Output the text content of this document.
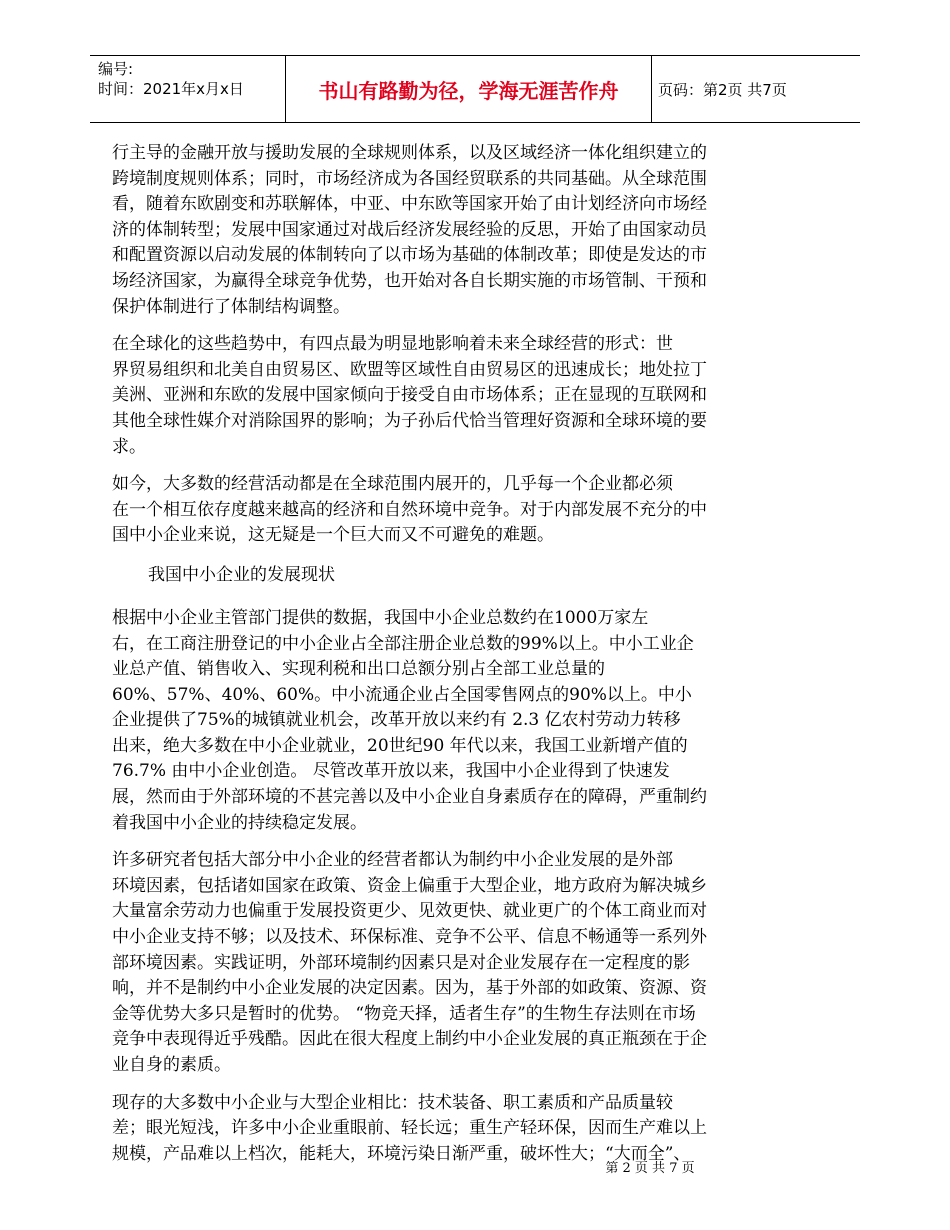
编号:
时间：2021年x月x日	书山有路勤为径，学海无涯苦作舟	页码：第2页 共7页

行主导的金融开放与援助发展的全球规则体系，以及区域经济一体化组织建立的
跨境制度规则体系；同时，市场经济成为各国经贸联系的共同基础。从全球范围
看，随着东欧剧变和苏联解体，中亚、中东欧等国家开始了由计划经济向市场经
济的体制转型；发展中国家通过对战后经济发展经验的反思，开始了由国家动员
和配置资源以启动发展的体制转向了以市场为基础的体制改革；即使是发达的市
场经济国家，为赢得全球竞争优势，也开始对各自长期实施的市场管制、干预和
保护体制进行了体制结构调整。

在全球化的这些趋势中，有四点最为明显地影响着未来全球经营的形式：世
界贸易组织和北美自由贸易区、欧盟等区域性自由贸易区的迅速成长；地处拉丁
美洲、亚洲和东欧的发展中国家倾向于接受自由市场体系；正在显现的互联网和
其他全球性媒介对消除国界的影响；为子孙后代恰当管理好资源和全球环境的要
求。

如今，大多数的经营活动都是在全球范围内展开的，几乎每一个企业都必须
在一个相互依存度越来越高的经济和自然环境中竞争。对于内部发展不充分的中
国中小企业来说，这无疑是一个巨大而又不可避免的难题。

我国中小企业的发展现状

根据中小企业主管部门提供的数据，我国中小企业总数约在1000万家左
右，在工商注册登记的中小企业占全部注册企业总数的99%以上。中小工业企
业总产值、销售收入、实现利税和出口总额分别占全部工业总量的
60%、57%、40%、60%。中小流通企业占全国零售网点的90%以上。中小
企业提供了75%的城镇就业机会，改革开放以来约有 2.3 亿农村劳动力转移
出来，绝大多数在中小企业就业，20世纪90 年代以来，我国工业新增产值的
76.7% 由中小企业创造。 尽管改革开放以来，我国中小企业得到了快速发
展，然而由于外部环境的不甚完善以及中小企业自身素质存在的障碍，严重制约
着我国中小企业的持续稳定发展。

许多研究者包括大部分中小企业的经营者都认为制约中小企业发展的是外部
环境因素，包括诸如国家在政策、资金上偏重于大型企业，地方政府为解决城乡
大量富余劳动力也偏重于发展投资更少、见效更快、就业更广的个体工商业而对
中小企业支持不够；以及技术、环保标准、竞争不公平、信息不畅通等一系列外
部环境因素。实践证明，外部环境制约因素只是对企业发展存在一定程度的影
响，并不是制约中小企业发展的决定因素。因为，基于外部的如政策、资源、资
金等优势大多只是暂时的优势。 “物竞天择，适者生存”的生物生存法则在市场
竞争中表现得近乎残酷。因此在很大程度上制约中小企业发展的真正瓶颈在于企
业自身的素质。

现存的大多数中小企业与大型企业相比：技术装备、职工素质和产品质量较
差；眼光短浅，许多中小企业重眼前、轻长远；重生产轻环保，因而生产难以上
规模，产品难以上档次，能耗大，环境污染日渐严重，破坏性大；“大而全”、

第 2 页 共 7 页
